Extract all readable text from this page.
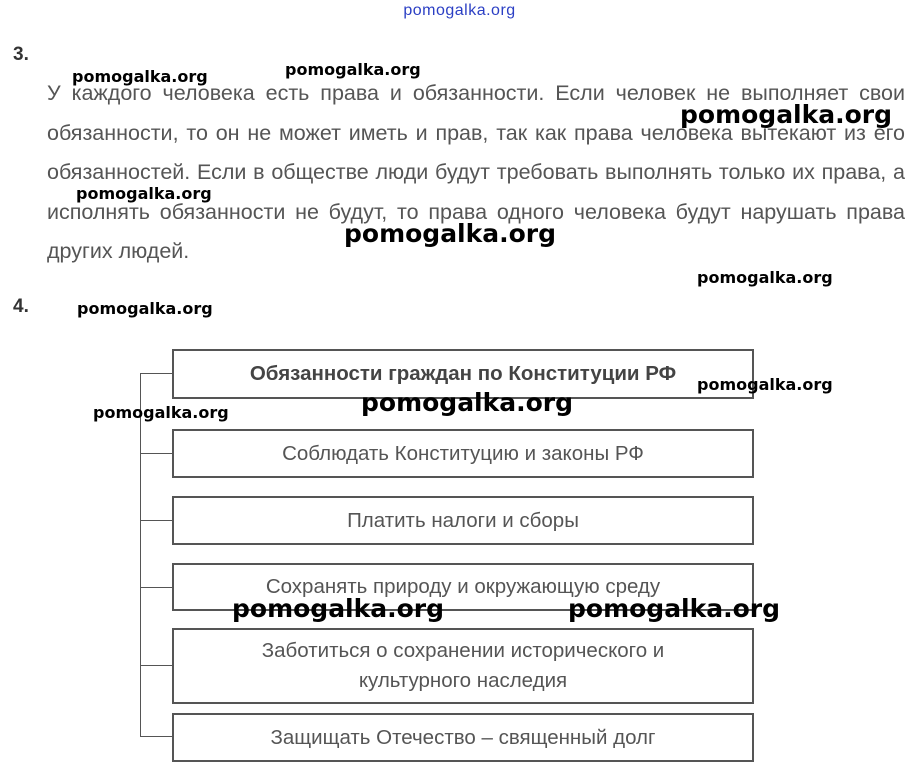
pomogalka.org
3.
У каждого человека есть права и обязанности. Если человек не выполняет свои обязанности, то он не может иметь и прав, так как права человека вытекают из его обязанностей. Если в обществе люди будут требовать выполнять только их права, а исполнять обязанности не будут, то права одного человека будут нарушать права других людей.
4.
Обязанности граждан по Конституции РФ
Соблюдать Конституцию и законы РФ
Платить налоги и сборы
Сохранять природу и окружающую среду
Заботиться о сохранении исторического и культурного наследия
Защищать Отечество – священный долг
pomogalka.org	pomogalka.org
pomogalka.org
pomogalka.org
pomogalka.org
pomogalka.org
pomogalka.org
pomogalka.org
pomogalka.org
pomogalka.org
pomogalka.org	pomogalka.org
